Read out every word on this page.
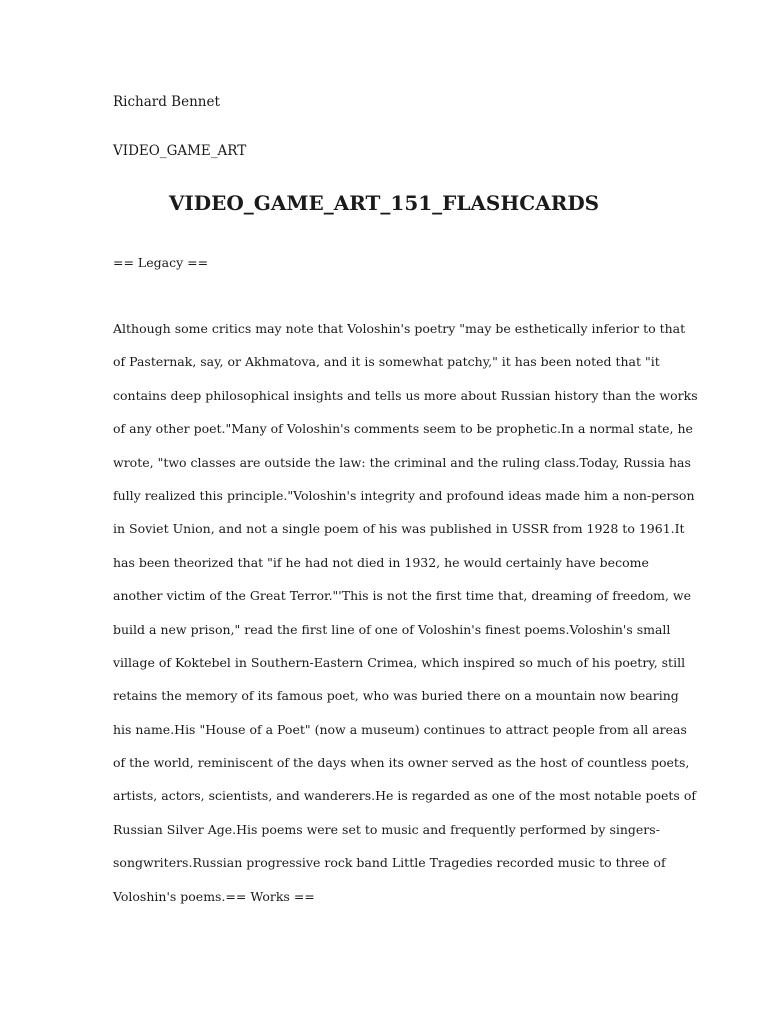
Richard Bennet
VIDEO_GAME_ART
VIDEO_GAME_ART_151_FLASHCARDS
== Legacy ==
Although some critics may note that Voloshin's poetry "may be esthetically inferior to that
of Pasternak, say, or Akhmatova, and it is somewhat patchy," it has been noted that "it
contains deep philosophical insights and tells us more about Russian history than the works
of any other poet."Many of Voloshin's comments seem to be prophetic.In a normal state, he
wrote, "two classes are outside the law: the criminal and the ruling class.Today, Russia has
fully realized this principle."Voloshin's integrity and profound ideas made him a non-person
in Soviet Union, and not a single poem of his was published in USSR from 1928 to 1961.It
has been theorized that "if he had not died in 1932, he would certainly have become
another victim of the Great Terror."'This is not the first time that, dreaming of freedom, we
build a new prison," read the first line of one of Voloshin's finest poems.Voloshin's small
village of Koktebel in Southern-Eastern Crimea, which inspired so much of his poetry, still
retains the memory of its famous poet, who was buried there on a mountain now bearing
his name.His "House of a Poet" (now a museum) continues to attract people from all areas
of the world, reminiscent of the days when its owner served as the host of countless poets,
artists, actors, scientists, and wanderers.He is regarded as one of the most notable poets of
Russian Silver Age.His poems were set to music and frequently performed by singers-
songwriters.Russian progressive rock band Little Tragedies recorded music to three of
Voloshin's poems.== Works ==
